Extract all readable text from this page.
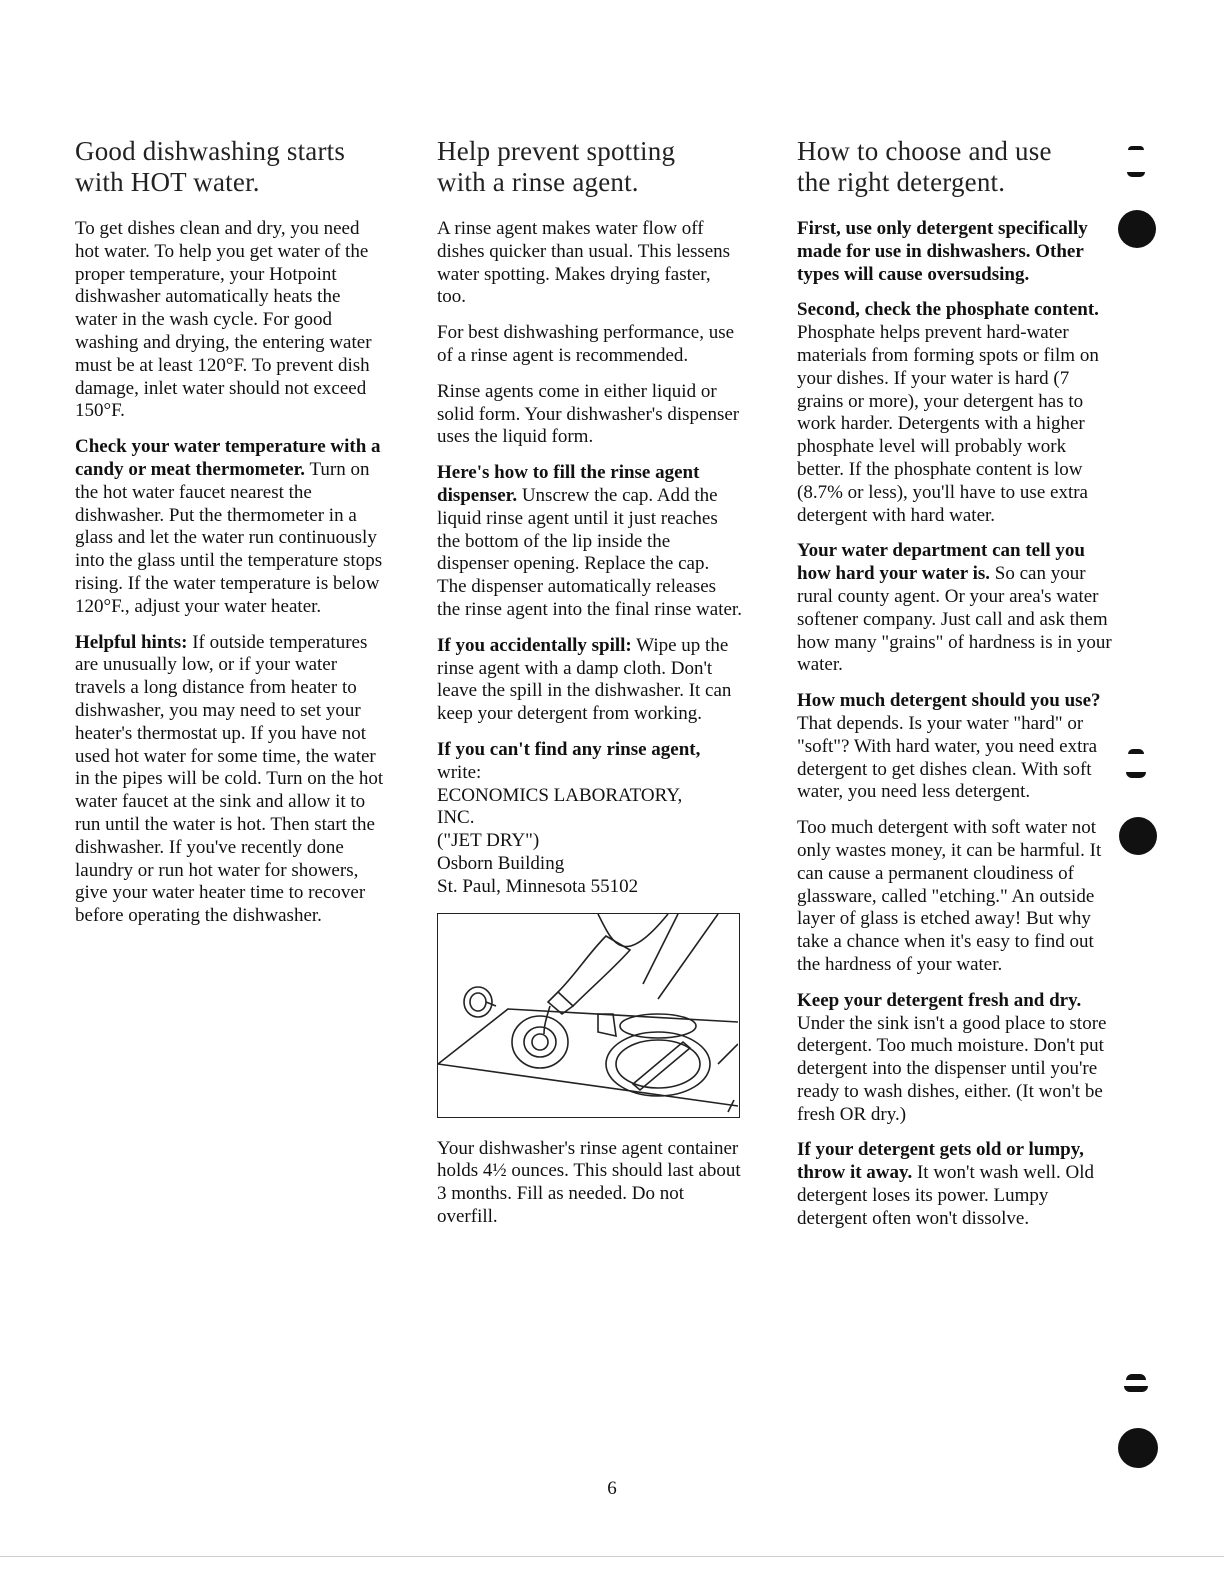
Good dishwashing starts
with HOT water.

To get dishes clean and dry, you need hot water. To help you get water of the proper temperature, your Hotpoint dishwasher automatically heats the water in the wash cycle. For good washing and drying, the entering water must be at least 120°F. To prevent dish damage, inlet water should not exceed 150°F.

Check your water temperature with a candy or meat thermometer. Turn on the hot water faucet nearest the dishwasher. Put the thermometer in a glass and let the water run continuously into the glass until the temperature stops rising. If the water temperature is below 120°F., adjust your water heater.

Helpful hints: If outside temperatures are unusually low, or if your water travels a long distance from heater to dishwasher, you may need to set your heater's thermostat up. If you have not used hot water for some time, the water in the pipes will be cold. Turn on the hot water faucet at the sink and allow it to run until the water is hot. Then start the dishwasher. If you've recently done laundry or run hot water for showers, give your water heater time to recover before operating the dishwasher.

Help prevent spotting
with a rinse agent.

A rinse agent makes water flow off dishes quicker than usual. This lessens water spotting. Makes drying faster, too.

For best dishwashing performance, use of a rinse agent is recommended.

Rinse agents come in either liquid or solid form. Your dishwasher's dispenser uses the liquid form.

Here's how to fill the rinse agent dispenser. Unscrew the cap. Add the liquid rinse agent until it just reaches the bottom of the lip inside the dispenser opening. Replace the cap. The dispenser automatically releases the rinse agent into the final rinse water.

If you accidentally spill: Wipe up the rinse agent with a damp cloth. Don't leave the spill in the dishwasher. It can keep your detergent from working.

If you can't find any rinse agent,
write:

ECONOMICS LABORATORY,
INC.
("JET DRY")
Osborn Building
St. Paul, Minnesota 55102

Your dishwasher's rinse agent container holds 4½ ounces. This should last about 3 months. Fill as needed. Do not overfill.

How to choose and use
the right detergent.

First, use only detergent specifically made for use in dishwashers. Other types will cause oversudsing.

Second, check the phosphate content. Phosphate helps prevent hard-water materials from forming spots or film on your dishes. If your water is hard (7 grains or more), your detergent has to work harder. Detergents with a higher phosphate level will probably work better. If the phosphate content is low (8.7% or less), you'll have to use extra detergent with hard water.

Your water department can tell you how hard your water is. So can your rural county agent. Or your area's water softener company. Just call and ask them how many "grains" of hardness is in your water.

How much detergent should you use? That depends. Is your water "hard" or "soft"? With hard water, you need extra detergent to get dishes clean. With soft water, you need less detergent.

Too much detergent with soft water not only wastes money, it can be harmful. It can cause a permanent cloudiness of glassware, called "etching." An outside layer of glass is etched away! But why take a chance when it's easy to find out the hardness of your water.

Keep your detergent fresh and dry. Under the sink isn't a good place to store detergent. Too much moisture. Don't put detergent into the dispenser until you're ready to wash dishes, either. (It won't be fresh OR dry.)

If your detergent gets old or lumpy, throw it away. It won't wash well. Old detergent loses its power. Lumpy detergent often won't dissolve.

6
